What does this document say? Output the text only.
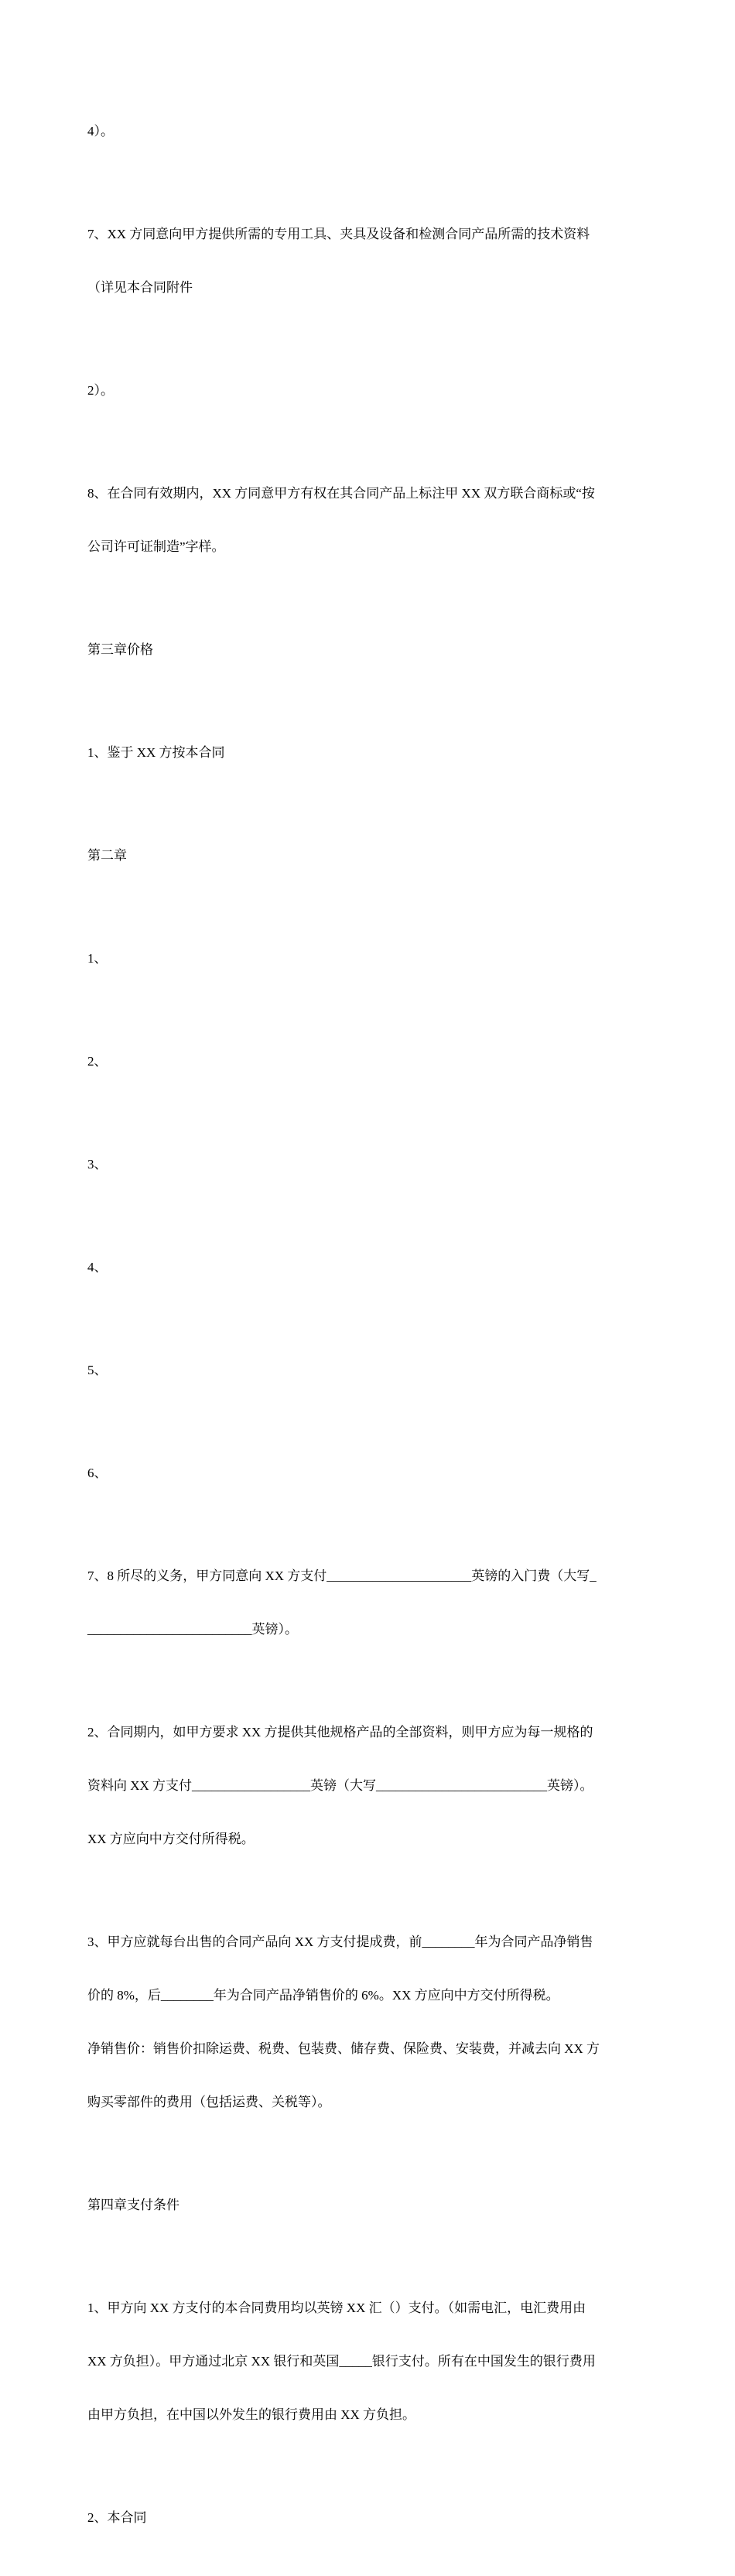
4）。

7、XX 方同意向甲方提供所需的专用工具、夹具及设备和检测合同产品所需的技术资料

（详见本合同附件

2）。

8、在合同有效期内，XX 方同意甲方有权在其合同产品上标注甲 XX 双方联合商标或“按

公司许可证制造”字样。

第三章价格

1、鉴于 XX 方按本合同

第二章

1、

2、

3、

4、

5、

6、

7、8 所尽的义务，甲方同意向 XX 方支付______________________英镑的入门费（大写_

_________________________英镑）。

2、合同期内，如甲方要求 XX 方提供其他规格产品的全部资料，则甲方应为每一规格的

资料向 XX 方支付__________________英镑（大写__________________________英镑）。

XX 方应向中方交付所得税。

3、甲方应就每台出售的合同产品向 XX 方支付提成费，前________年为合同产品净销售

价的 8%，后________年为合同产品净销售价的 6%。XX 方应向中方交付所得税。

净销售价：销售价扣除运费、税费、包装费、储存费、保险费、安装费，并减去向 XX 方

购买零部件的费用（包括运费、关税等）。

第四章支付条件

1、甲方向 XX 方支付的本合同费用均以英镑 XX 汇（）支付。（如需电汇，电汇费用由

XX 方负担）。甲方通过北京 XX 银行和英国_____银行支付。所有在中国发生的银行费用

由甲方负担，在中国以外发生的银行费用由 XX 方负担。

2、本合同
